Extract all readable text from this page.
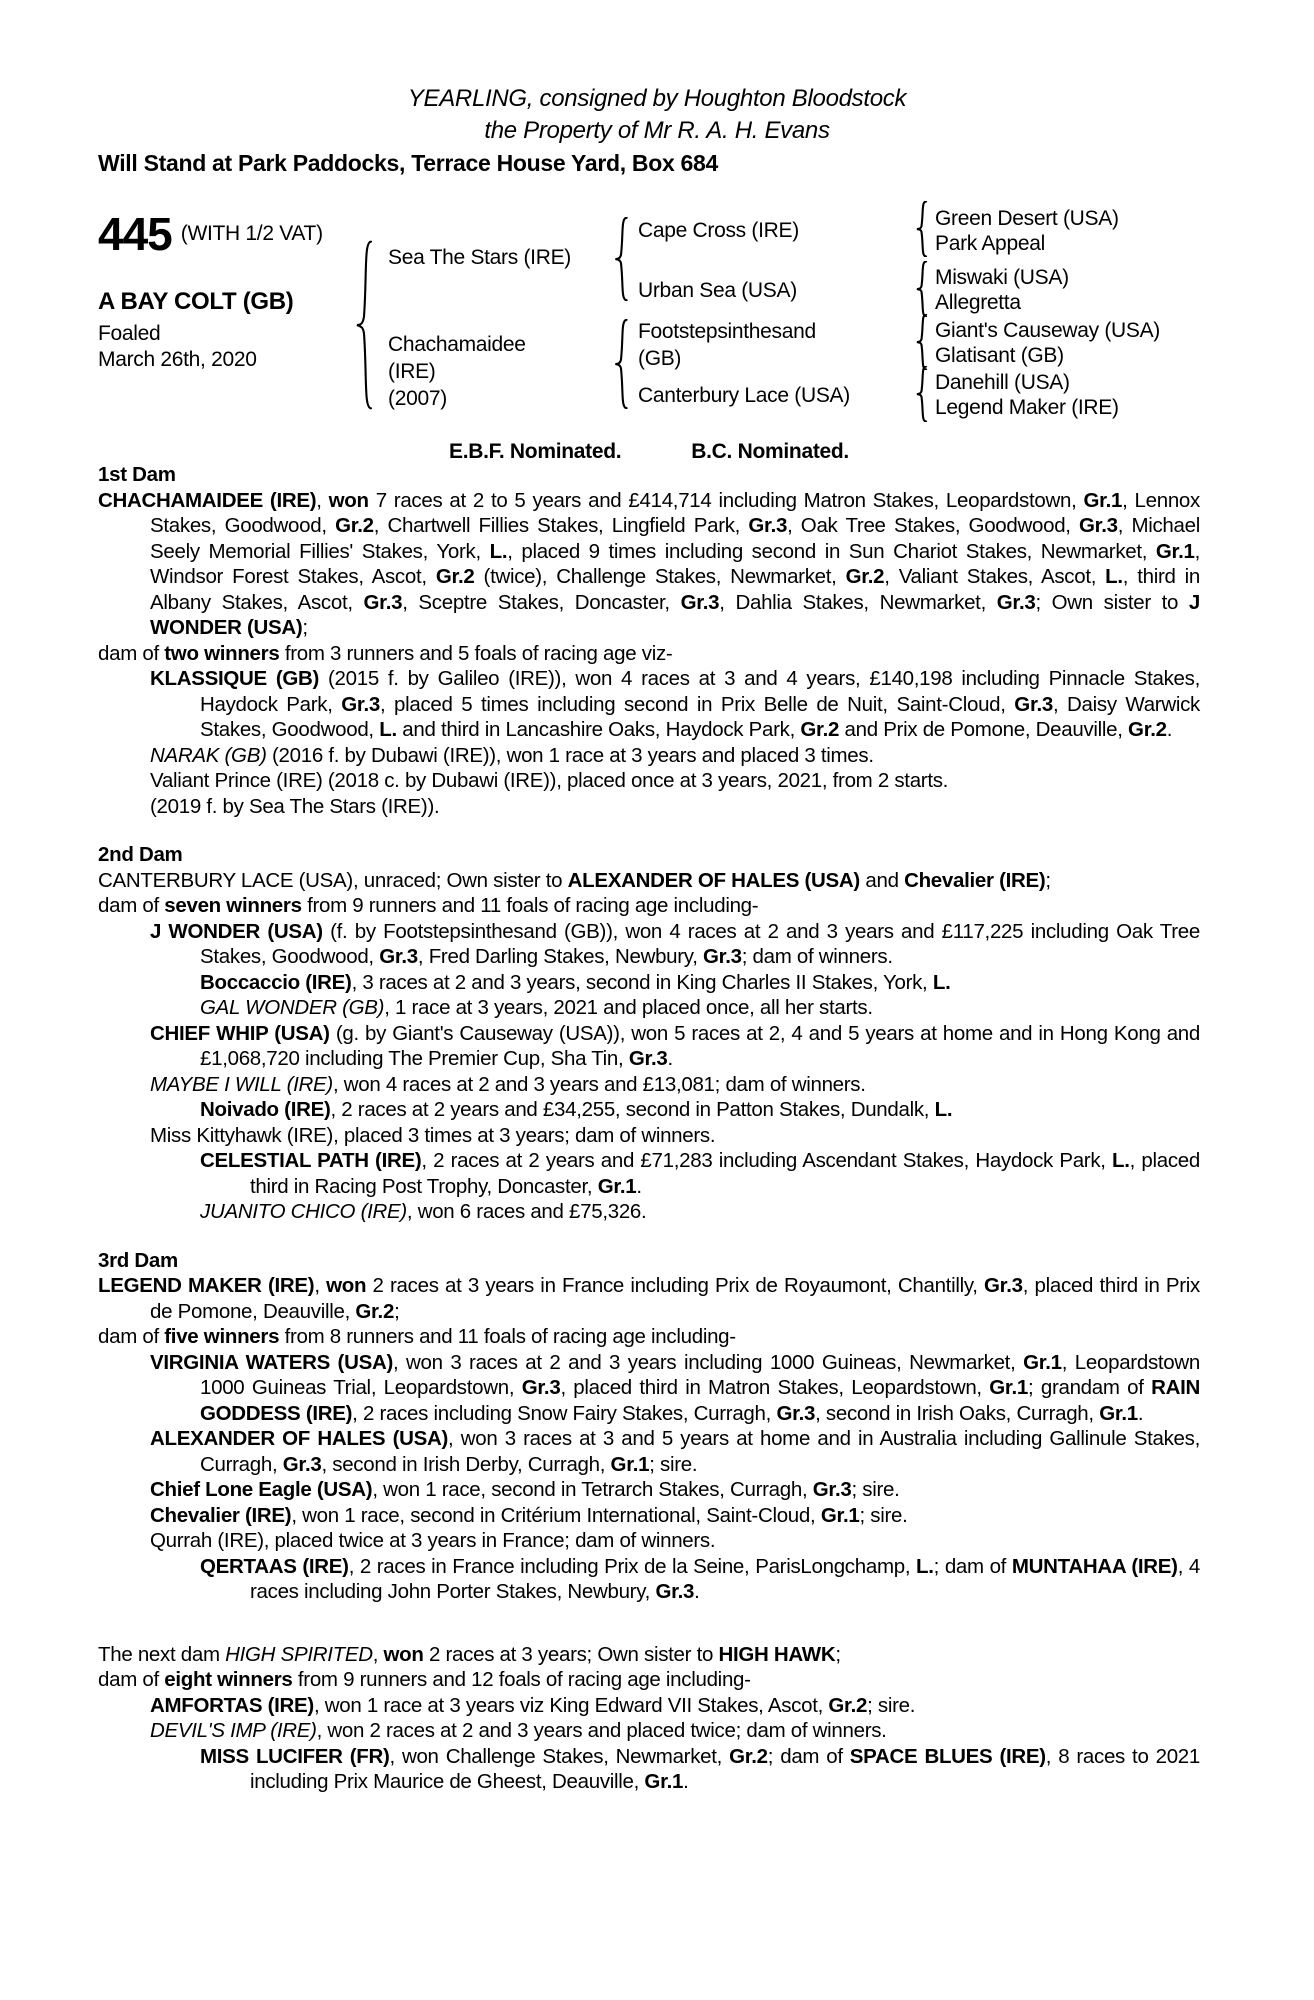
YEARLING, consigned by Houghton Bloodstock
the Property of Mr R. A. H. Evans
Will Stand at Park Paddocks, Terrace House Yard, Box 684
445 (WITH 1/2 VAT)
A BAY COLT (GB)
Foaled
March 26th, 2020
Sea The Stars (IRE)
Chachamaidee
(IRE)
(2007)
Cape Cross (IRE)
Urban Sea (USA)
Footstepsinthesand
(GB)
Canterbury Lace (USA)
Green Desert (USA)
Park Appeal
Miswaki (USA)
Allegretta
Giant's Causeway (USA)
Glatisant (GB)
Danehill (USA)
Legend Maker (IRE)
E.B.F. Nominated.	B.C. Nominated.
1st Dam

CHACHAMAIDEE (IRE), won 7 races at 2 to 5 years and £414,714 including Matron Stakes, Leopardstown, Gr.1, Lennox Stakes, Goodwood, Gr.2, Chartwell Fillies Stakes, Lingfield Park, Gr.3, Oak Tree Stakes, Goodwood, Gr.3, Michael Seely Memorial Fillies' Stakes, York, L., placed 9 times including second in Sun Chariot Stakes, Newmarket, Gr.1, Windsor Forest Stakes, Ascot, Gr.2 (twice), Challenge Stakes, Newmarket, Gr.2, Valiant Stakes, Ascot, L., third in Albany Stakes, Ascot, Gr.3, Sceptre Stakes, Doncaster, Gr.3, Dahlia Stakes, Newmarket, Gr.3; Own sister to J WONDER (USA);

dam of two winners from 3 runners and 5 foals of racing age viz-

KLASSIQUE (GB) (2015 f. by Galileo (IRE)), won 4 races at 3 and 4 years, £140,198 including Pinnacle Stakes, Haydock Park, Gr.3, placed 5 times including second in Prix Belle de Nuit, Saint-Cloud, Gr.3, Daisy Warwick Stakes, Goodwood, L. and third in Lancashire Oaks, Haydock Park, Gr.2 and Prix de Pomone, Deauville, Gr.2.

NARAK (GB) (2016 f. by Dubawi (IRE)), won 1 race at 3 years and placed 3 times.

Valiant Prince (IRE) (2018 c. by Dubawi (IRE)), placed once at 3 years, 2021, from 2 starts.

(2019 f. by Sea The Stars (IRE)).

2nd Dam

CANTERBURY LACE (USA), unraced; Own sister to ALEXANDER OF HALES (USA) and Chevalier (IRE);

dam of seven winners from 9 runners and 11 foals of racing age including-

J WONDER (USA) (f. by Footstepsinthesand (GB)), won 4 races at 2 and 3 years and £117,225 including Oak Tree Stakes, Goodwood, Gr.3, Fred Darling Stakes, Newbury, Gr.3; dam of winners.

Boccaccio (IRE), 3 races at 2 and 3 years, second in King Charles II Stakes, York, L.

GAL WONDER (GB), 1 race at 3 years, 2021 and placed once, all her starts.

CHIEF WHIP (USA) (g. by Giant's Causeway (USA)), won 5 races at 2, 4 and 5 years at home and in Hong Kong and £1,068,720 including The Premier Cup, Sha Tin, Gr.3.

MAYBE I WILL (IRE), won 4 races at 2 and 3 years and £13,081; dam of winners.

Noivado (IRE), 2 races at 2 years and £34,255, second in Patton Stakes, Dundalk, L.

Miss Kittyhawk (IRE), placed 3 times at 3 years; dam of winners.

CELESTIAL PATH (IRE), 2 races at 2 years and £71,283 including Ascendant Stakes, Haydock Park, L., placed third in Racing Post Trophy, Doncaster, Gr.1.

JUANITO CHICO (IRE), won 6 races and £75,326.

3rd Dam

LEGEND MAKER (IRE), won 2 races at 3 years in France including Prix de Royaumont, Chantilly, Gr.3, placed third in Prix de Pomone, Deauville, Gr.2;

dam of five winners from 8 runners and 11 foals of racing age including-

VIRGINIA WATERS (USA), won 3 races at 2 and 3 years including 1000 Guineas, Newmarket, Gr.1, Leopardstown 1000 Guineas Trial, Leopardstown, Gr.3, placed third in Matron Stakes, Leopardstown, Gr.1; grandam of RAIN GODDESS (IRE), 2 races including Snow Fairy Stakes, Curragh, Gr.3, second in Irish Oaks, Curragh, Gr.1.

ALEXANDER OF HALES (USA), won 3 races at 3 and 5 years at home and in Australia including Gallinule Stakes, Curragh, Gr.3, second in Irish Derby, Curragh, Gr.1; sire.

Chief Lone Eagle (USA), won 1 race, second in Tetrarch Stakes, Curragh, Gr.3; sire.

Chevalier (IRE), won 1 race, second in Critérium International, Saint-Cloud, Gr.1; sire.

Qurrah (IRE), placed twice at 3 years in France; dam of winners.

QERTAAS (IRE), 2 races in France including Prix de la Seine, ParisLongchamp, L.; dam of MUNTAHAA (IRE), 4 races including John Porter Stakes, Newbury, Gr.3.

The next dam HIGH SPIRITED, won 2 races at 3 years; Own sister to HIGH HAWK;

dam of eight winners from 9 runners and 12 foals of racing age including-

AMFORTAS (IRE), won 1 race at 3 years viz King Edward VII Stakes, Ascot, Gr.2; sire.

DEVIL'S IMP (IRE), won 2 races at 2 and 3 years and placed twice; dam of winners.

MISS LUCIFER (FR), won Challenge Stakes, Newmarket, Gr.2; dam of SPACE BLUES (IRE), 8 races to 2021 including Prix Maurice de Gheest, Deauville, Gr.1.
